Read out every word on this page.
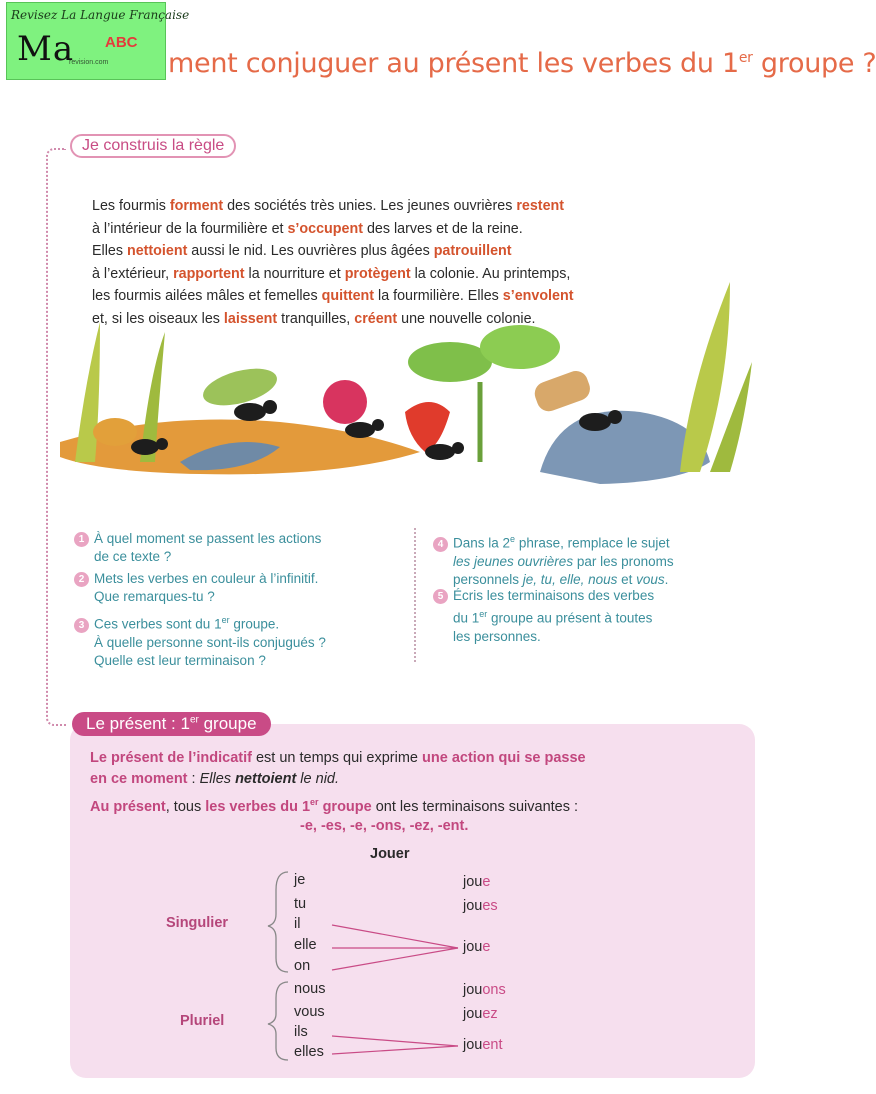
Revisez La Langue Française
Ma ABC
revision.com ment conjuguer au présent les verbes du 1er groupe ?
Je construis la règle
Les fourmis forment des sociétés très unies. Les jeunes ouvrières restent
à l’intérieur de la fourmilière et s’occupent des larves et de la reine.
Elles nettoient aussi le nid. Les ouvrières plus âgées patrouillent
à l’extérieur, rapportent la nourriture et protègent la colonie. Au printemps,
les fourmis ailées mâles et femelles quittent la fourmilière. Elles s’envolent
et, si les oiseaux les laissent tranquilles, créent une nouvelle colonie.
1 À quel moment se passent les actions
de ce texte ?
2 Mets les verbes en couleur à l’infinitif.
Que remarques-tu ?
3 Ces verbes sont du 1er groupe.
À quelle personne sont-ils conjugués ?
Quelle est leur terminaison ?
4 Dans la 2e phrase, remplace le sujet
les jeunes ouvrières par les pronoms
personnels je, tu, elle, nous et vous.
5 Écris les terminaisons des verbes
du 1er groupe au présent à toutes
les personnes.
Le présent : 1er groupe
Le présent de l’indicatif est un temps qui exprime une action qui se passe
en ce moment : Elles nettoient le nid.
Au présent, tous les verbes du 1er groupe ont les terminaisons suivantes :
-e, -es, -e, -ons, -ez, -ent.
Jouer
Singulier
Pluriel
je
tu
il
elle
on
nous
vous
ils
elles
joue
joues
joue
jouons
jouez
jouent
